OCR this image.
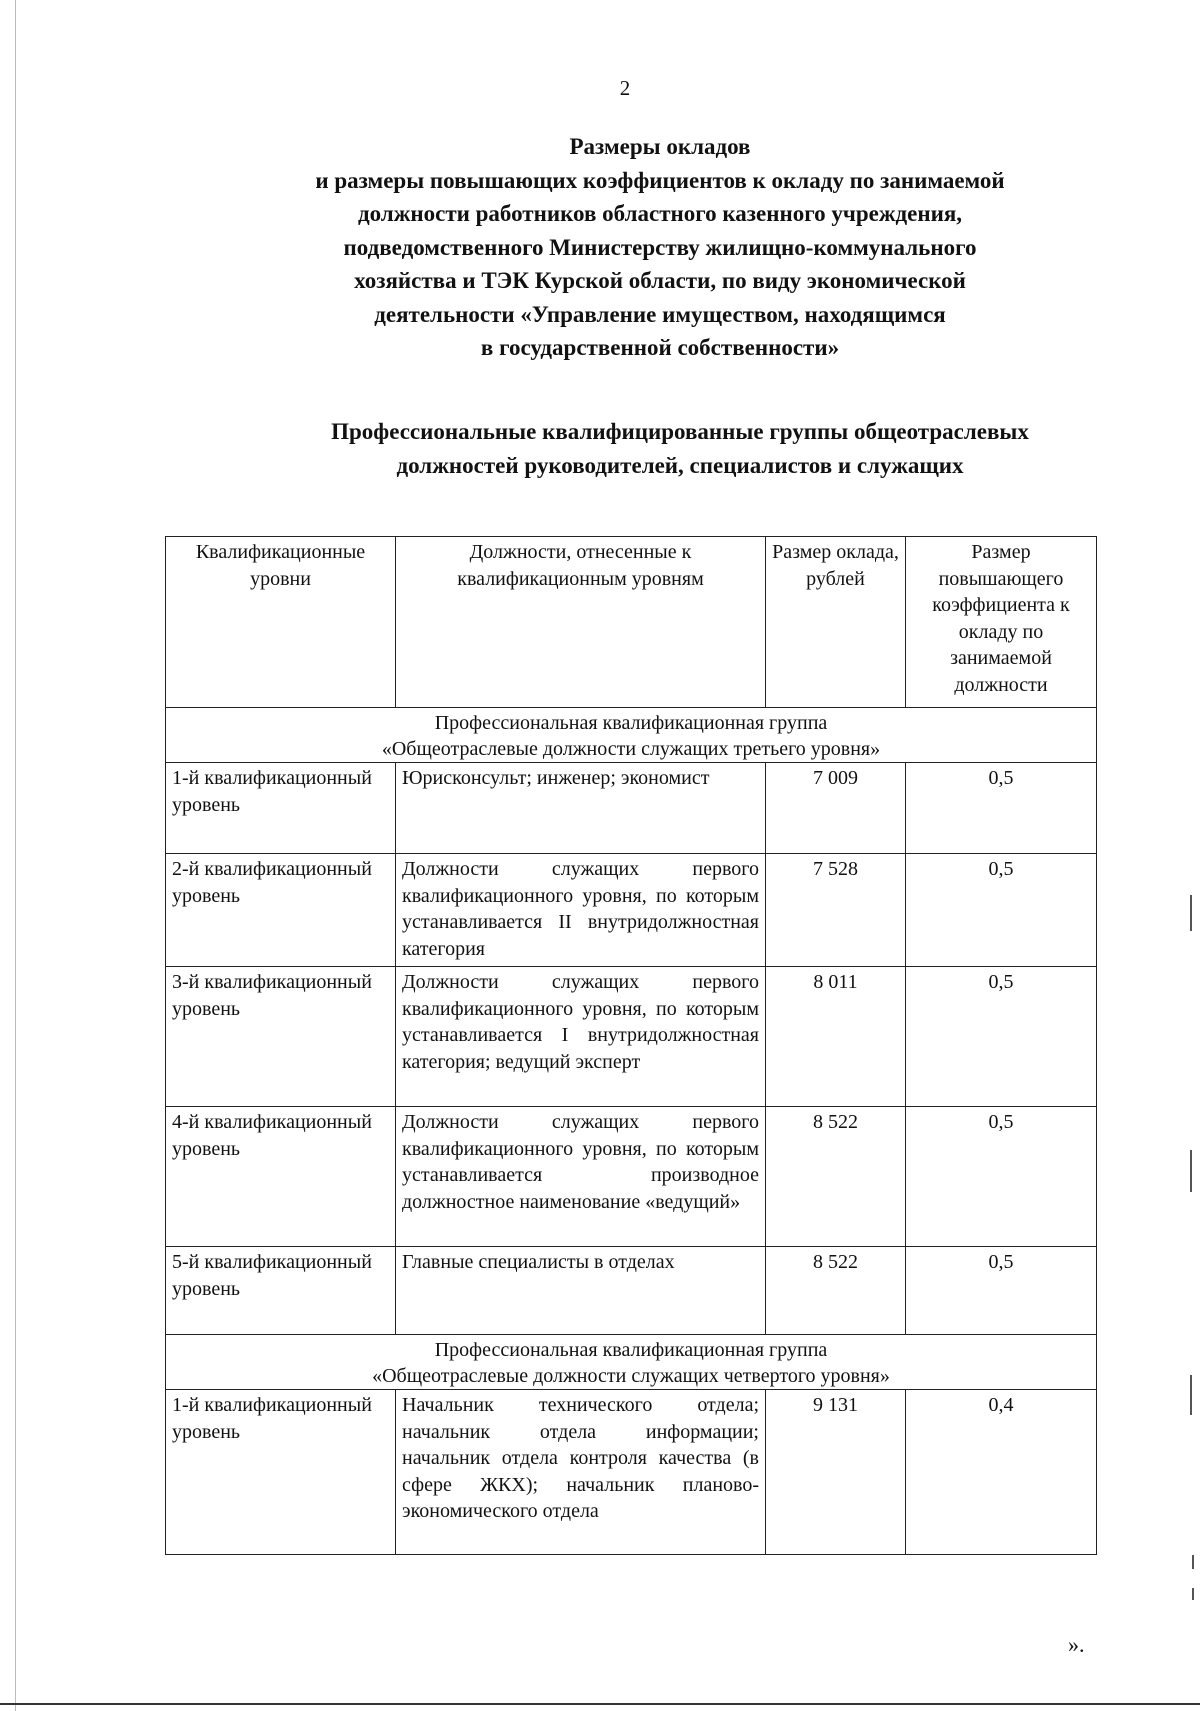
2
Размеры окладов
и размеры повышающих коэффициентов к окладу по занимаемой
должности работников областного казенного учреждения,
подведомственного Министерству жилищно-коммунального
хозяйства и ТЭК Курской области, по виду экономической
деятельности «Управление имуществом, находящимся
в государственной собственности»
Профессиональные квалифицированные группы общеотраслевых
должностей руководителей, специалистов и служащих
Квалификационные уровни	Должности, отнесенные к квалификационным уровням	Размер оклада, рублей	Размер повышающего коэффициента к окладу по занимаемой должности

Профессиональная квалификационная группа
«Общеотраслевые должности служащих третьего уровня»			

1-й квалификационный уровень	Юрисконсульт; инженер; экономист	7 009	0,5
2-й квалификационный уровень	Должности служащих первого квалификационного уровня, по которым устанавливается II внутридолжностная категория	7 528	0,5
3-й квалификационный уровень	Должности служащих первого квалификационного уровня, по которым устанавливается I внутридолжностная категория; ведущий эксперт	8 011	0,5
4-й квалификационный уровень	Должности служащих первого квалификационного уровня, по которым устанавливается производное должностное наименование «ведущий»	8 522	0,5
5-й квалификационный уровень	Главные специалисты в отделах	8 522	0,5

Профессиональная квалификационная группа
«Общеотраслевые должности служащих четвертого уровня»			

1-й квалификационный уровень	Начальник технического отдела; начальник отдела информации; начальник отдела контроля качества (в сфере ЖКХ); начальник планово-экономического отдела	9 131	0,4
».
